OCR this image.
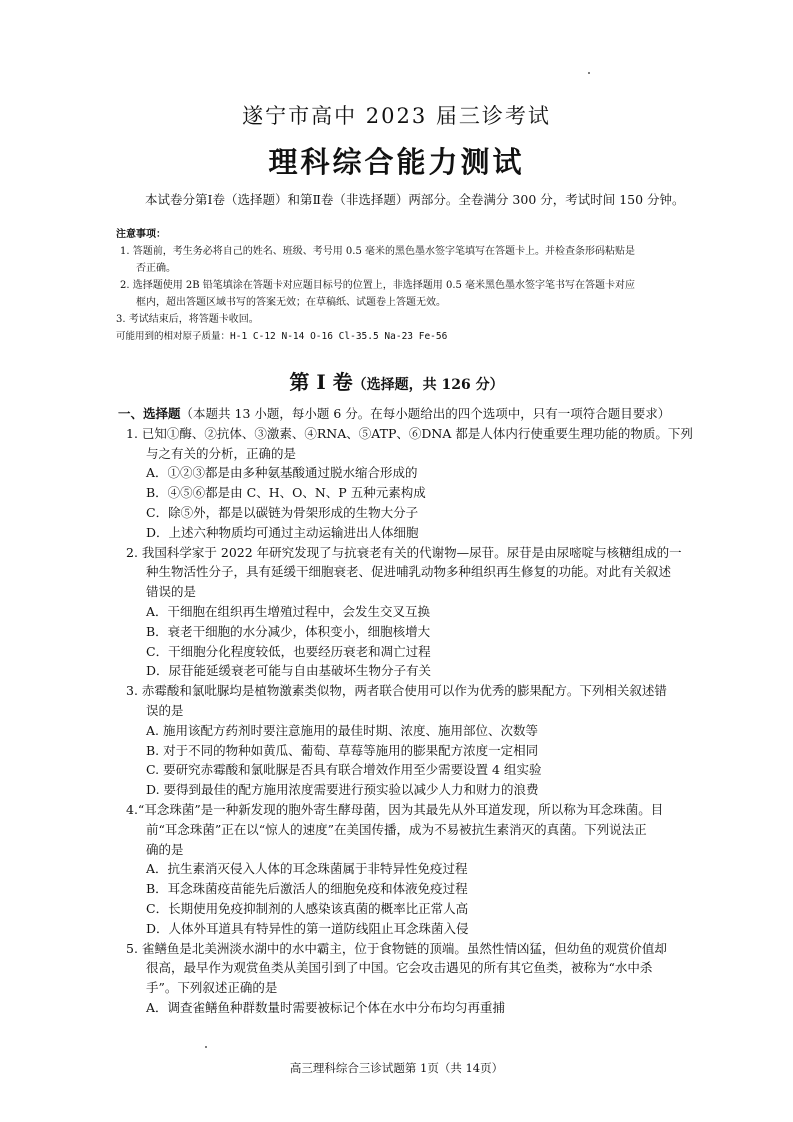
遂宁市高中 2023 届三诊考试
理科综合能力测试
本试卷分第Ⅰ卷（选择题）和第Ⅱ卷（非选择题）两部分。全卷满分 300 分，考试时间 150 分钟。
注意事项：
1. 答题前，考生务必将自己的姓名、班级、考号用 0.5 毫米的黑色墨水签字笔填写在答题卡上。并检查条形码粘贴是
否正确。
2. 选择题使用 2B 铅笔填涂在答题卡对应题目标号的位置上，非选择题用 0.5 毫米黑色墨水签字笔书写在答题卡对应
框内，超出答题区域书写的答案无效；在草稿纸、试题卷上答题无效。
3. 考试结束后，将答题卡收回。
可能用到的相对原子质量：H-1 C-12 N-14 O-16 Cl-35.5 Na-23 Fe-56
第 I 卷（选择题，共 126 分）
一、选择题（本题共 13 小题，每小题 6 分。在每小题给出的四个选项中，只有一项符合题目要求）
1. 已知①酶、②抗体、③激素、④RNA、⑤ATP、⑥DNA 都是人体内行使重要生理功能的物质。下列
与之有关的分析，正确的是
A．①②③都是由多种氨基酸通过脱水缩合形成的
B．④⑤⑥都是由 C、H、O、N、P 五种元素构成
C．除⑤外，都是以碳链为骨架形成的生物大分子
D．上述六种物质均可通过主动运输进出人体细胞
2. 我国科学家于 2022 年研究发现了与抗衰老有关的代谢物—尿苷。尿苷是由尿嘧啶与核糖组成的一
种生物活性分子，具有延缓干细胞衰老、促进哺乳动物多种组织再生修复的功能。对此有关叙述
错误的是
A．干细胞在组织再生增殖过程中，会发生交叉互换
B．衰老干细胞的水分减少，体积变小，细胞核增大
C．干细胞分化程度较低，也要经历衰老和凋亡过程
D．尿苷能延缓衰老可能与自由基破坏生物分子有关
3. 赤霉酸和氯吡脲均是植物激素类似物，两者联合使用可以作为优秀的膨果配方。下列相关叙述错
误的是
A. 施用该配方药剂时要注意施用的最佳时期、浓度、施用部位、次数等
B. 对于不同的物种如黄瓜、葡萄、草莓等施用的膨果配方浓度一定相同
C. 要研究赤霉酸和氯吡脲是否具有联合增效作用至少需要设置 4 组实验
D. 要得到最佳的配方施用浓度需要进行预实验以减少人力和财力的浪费
4.“耳念珠菌”是一种新发现的胞外寄生酵母菌，因为其最先从外耳道发现，所以称为耳念珠菌。目
前“耳念珠菌”正在以“惊人的速度”在美国传播，成为不易被抗生素消灭的真菌。下列说法正
确的是
A．抗生素消灭侵入人体的耳念珠菌属于非特异性免疫过程
B．耳念珠菌疫苗能先后激活人的细胞免疫和体液免疫过程
C．长期使用免疫抑制剂的人感染该真菌的概率比正常人高
D．人体外耳道具有特异性的第一道防线阻止耳念珠菌入侵
5. 雀鳝鱼是北美洲淡水湖中的水中霸主，位于食物链的顶端。虽然性情凶猛，但幼鱼的观赏价值却
很高，最早作为观赏鱼类从美国引到了中国。它会攻击遇见的所有其它鱼类，被称为“水中杀
手”。下列叙述正确的是
A．调查雀鳝鱼种群数量时需要被标记个体在水中分布均匀再重捕
高三理科综合三诊试题第 1页（共 14页）
